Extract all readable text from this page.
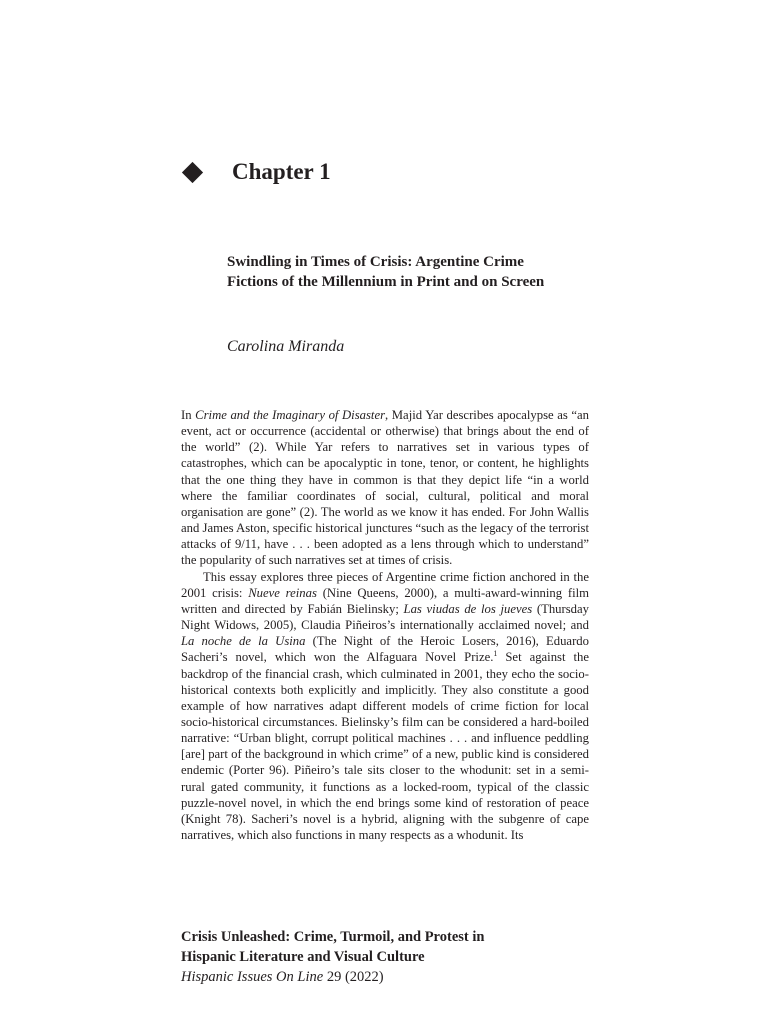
Chapter 1
Swindling in Times of Crisis: Argentine Crime
Fictions of the Millennium in Print and on Screen
Carolina Miranda

In Crime and the Imaginary of Disaster, Majid Yar describes apocalypse as “an event, act or occurrence (accidental or otherwise) that brings about the end of the world” (2). While Yar refers to narratives set in various types of catastrophes, which can be apocalyptic in tone, tenor, or content, he highlights that the one thing they have in common is that they depict life “in a world where the familiar coordinates of social, cultural, political and moral organisation are gone” (2). The world as we know it has ended. For John Wallis and James Aston, specific historical junctures “such as the legacy of the terrorist attacks of 9/11, have . . . been adopted as a lens through which to understand” the popularity of such narratives set at times of crisis.

This essay explores three pieces of Argentine crime fiction anchored in the 2001 crisis: Nueve reinas (Nine Queens, 2000), a multi-award-winning film written and directed by Fabián Bielinsky; Las viudas de los jueves (Thursday Night Widows, 2005), Claudia Piñeiros’s internationally acclaimed novel; and La noche de la Usina (The Night of the Heroic Losers, 2016), Eduardo Sacheri’s novel, which won the Alfaguara Novel Prize.$^1$ Set against the backdrop of the financial crash, which culminated in 2001, they echo the socio-historical contexts both explicitly and implicitly. They also constitute a good example of how narratives adapt different models of crime fiction for local socio-historical circumstances. Bielinsky’s film can be considered a hard-boiled narrative: “Urban blight, corrupt political machines . . . and influence peddling [are] part of the background in which crime” of a new, public kind is considered endemic (Porter 96). Piñeiro’s tale sits closer to the whodunit: set in a semi-rural gated community, it functions as a locked-room, typical of the classic puzzle-novel novel, in which the end brings some kind of restoration of peace (Knight 78). Sacheri’s novel is a hybrid, aligning with the subgenre of cape narratives, which also functions in many respects as a whodunit. Its

Crisis Unleashed: Crime, Turmoil, and Protest in
Hispanic Literature and Visual Culture
Hispanic Issues On Line 29 (2022)
